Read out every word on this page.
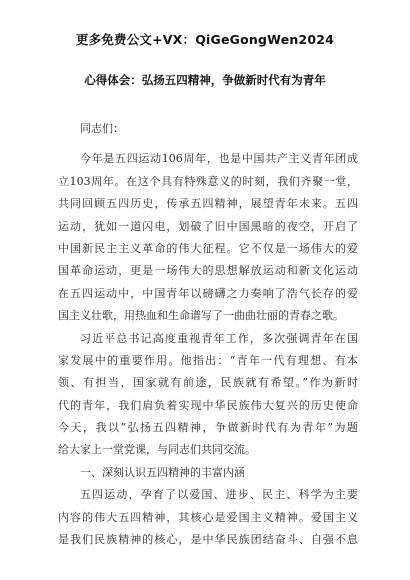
更多免费公文+VX：QiGeGongWen2024
心得体会：弘扬五四精神，争做新时代有为青年
同志们：
今年是五四运动106周年，也是中国共产主义青年团成
立103周年。在这个具有特殊意义的时刻，我们齐聚一堂，
共同回顾五四历史，传承五四精神，展望青年未来。五四
运动，犹如一道闪电，划破了旧中国黑暗的夜空，开启了
中国新民主主义革命的伟大征程。它不仅是一场伟大的爱
国革命运动，更是一场伟大的思想解放运动和新文化运动
在五四运动中，中国青年以磅礴之力奏响了浩气长存的爱
国主义壮歌，用热血和生命谱写了一曲曲壮丽的青春之歌。
习近平总书记高度重视青年工作，多次强调青年在国
家发展中的重要作用。他指出：“青年一代有理想、有本
领、有担当，国家就有前途，民族就有希望。”作为新时
代的青年，我们肩负着实现中华民族伟大复兴的历史使命
今天，我以“弘扬五四精神，争做新时代有为青年”为题
给大家上一堂党课，与同志们共同交流。
一、深刻认识五四精神的丰富内涵
五四运动，孕育了以爱国、进步、民主、科学为主要
内容的伟大五四精神，其核心是爱国主义精神。爱国主义
是我们民族精神的核心，是中华民族团结奋斗、自强不息
